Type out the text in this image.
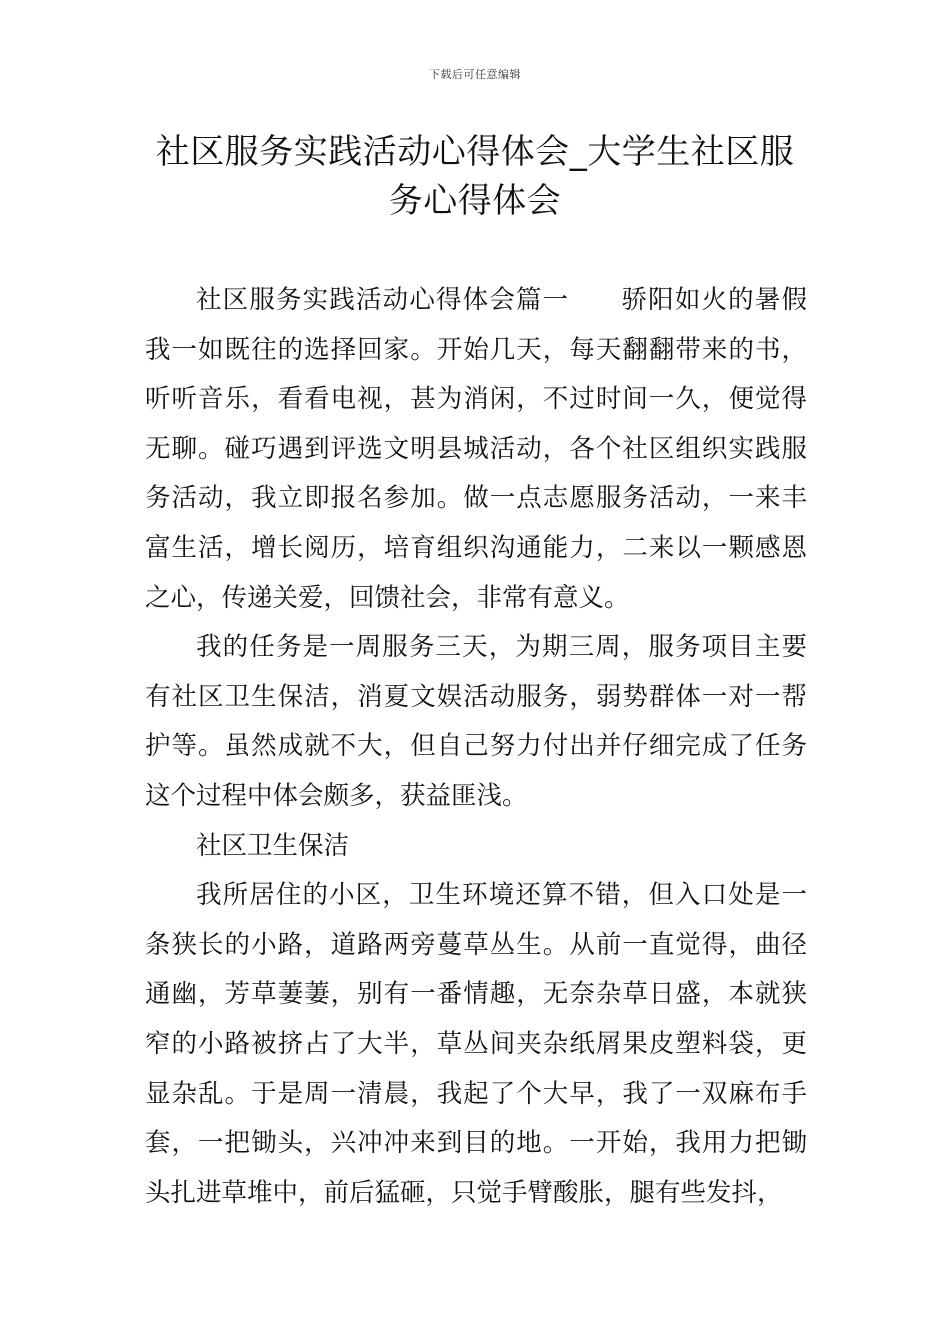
下载后可任意编辑
社区服务实践活动心得体会_大学生社区服务心得体会

社区服务实践活动心得体会篇一 骄阳如火的暑假我一如既往的选择回家。开始几天，每天翻翻带来的书，听听音乐，看看电视，甚为消闲，不过时间一久，便觉得无聊。碰巧遇到评选文明县城活动，各个社区组织实践服务活动，我立即报名参加。做一点志愿服务活动，一来丰富生活，增长阅历，培育组织沟通能力，二来以一颗感恩之心，传递关爱，回馈社会，非常有意义。

我的任务是一周服务三天，为期三周，服务项目主要有社区卫生保洁，消夏文娱活动服务，弱势群体一对一帮护等。虽然成就不大，但自己努力付出并仔细完成了任务这个过程中体会颇多，获益匪浅。

社区卫生保洁

我所居住的小区，卫生环境还算不错，但入口处是一条狭长的小路，道路两旁蔓草丛生。从前一直觉得，曲径通幽，芳草萋萋，别有一番情趣，无奈杂草日盛，本就狭窄的小路被挤占了大半，草丛间夹杂纸屑果皮塑料袋，更显杂乱。于是周一清晨，我起了个大早，我了一双麻布手套，一把锄头，兴冲冲来到目的地。一开始，我用力把锄头扎进草堆中，前后猛砸，只觉手臂酸胀，腿有些发抖，
